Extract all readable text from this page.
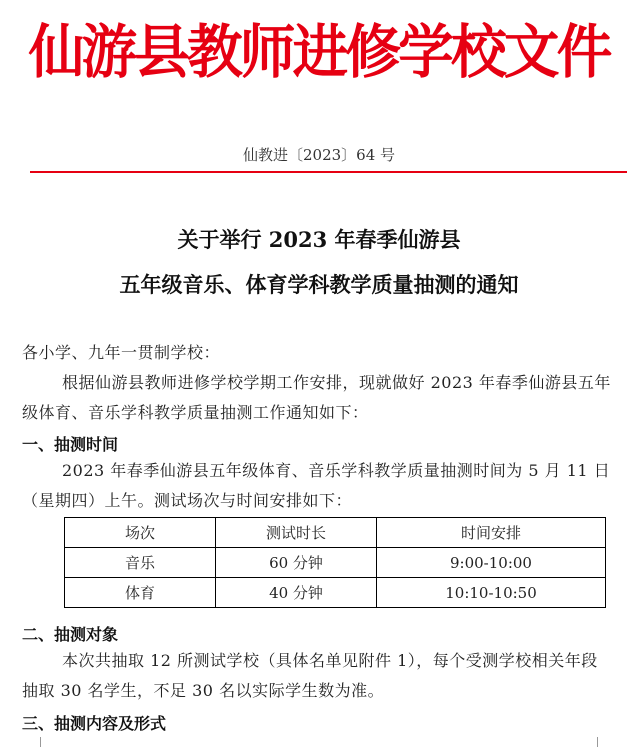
仙游县教师进修学校文件
仙教进〔2023〕64 号
关于举行 2023 年春季仙游县
五年级音乐、体育学科教学质量抽测的通知
各小学、九年一贯制学校：
根据仙游县教师进修学校学期工作安排，现就做好 2023 年春季仙游县五年级体育、音乐学科教学质量抽测工作通知如下：
一、抽测时间
2023 年春季仙游县五年级体育、音乐学科教学质量抽测时间为 5 月 11 日（星期四）上午。测试场次与时间安排如下：
场次	测试时长	时间安排
音乐	60 分钟	9:00-10:00
体育	40 分钟	10:10-10:50
二、抽测对象
本次共抽取 12 所测试学校（具体名单见附件 1），每个受测学校相关年段抽取 30 名学生，不足 30 名以实际学生数为准。
三、抽测内容及形式
